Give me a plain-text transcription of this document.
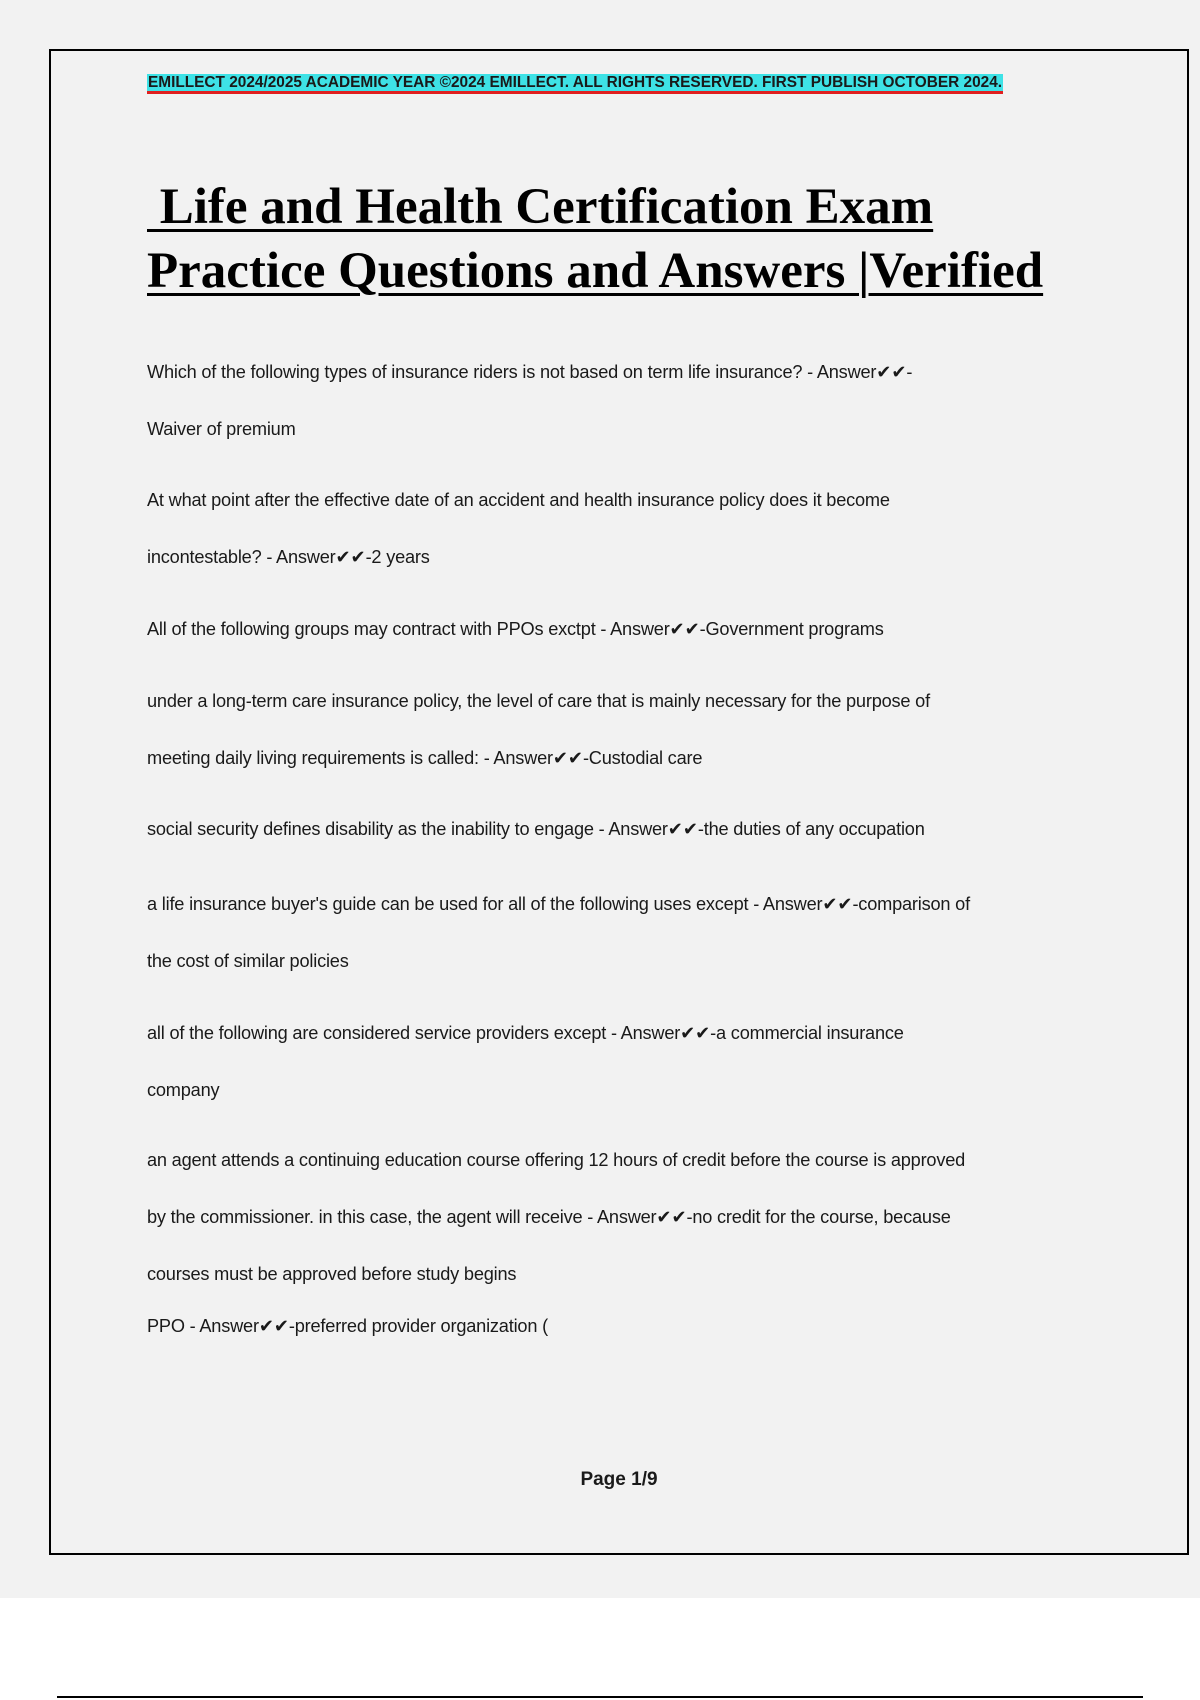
EMILLECT 2024/2025 ACADEMIC YEAR ©2024 EMILLECT. ALL RIGHTS RESERVED. FIRST PUBLISH OCTOBER 2024.
Life and Health Certification Exam
Practice Questions and Answers |Verified

Which of the following types of insurance riders is not based on term life insurance? - Answer✔✔-

Waiver of premium

At what point after the effective date of an accident and health insurance policy does it become

incontestable? - Answer✔✔-2 years

All of the following groups may contract with PPOs exctpt - Answer✔✔-Government programs

under a long-term care insurance policy, the level of care that is mainly necessary for the purpose of

meeting daily living requirements is called: - Answer✔✔-Custodial care

social security defines disability as the inability to engage - Answer✔✔-the duties of any occupation

a life insurance buyer's guide can be used for all of the following uses except - Answer✔✔-comparison of

the cost of similar policies

all of the following are considered service providers except - Answer✔✔-a commercial insurance

company

an agent attends a continuing education course offering 12 hours of credit before the course is approved

by the commissioner. in this case, the agent will receive - Answer✔✔-no credit for the course, because

courses must be approved before study begins

PPO - Answer✔✔-preferred provider organization (

Page 1/9
